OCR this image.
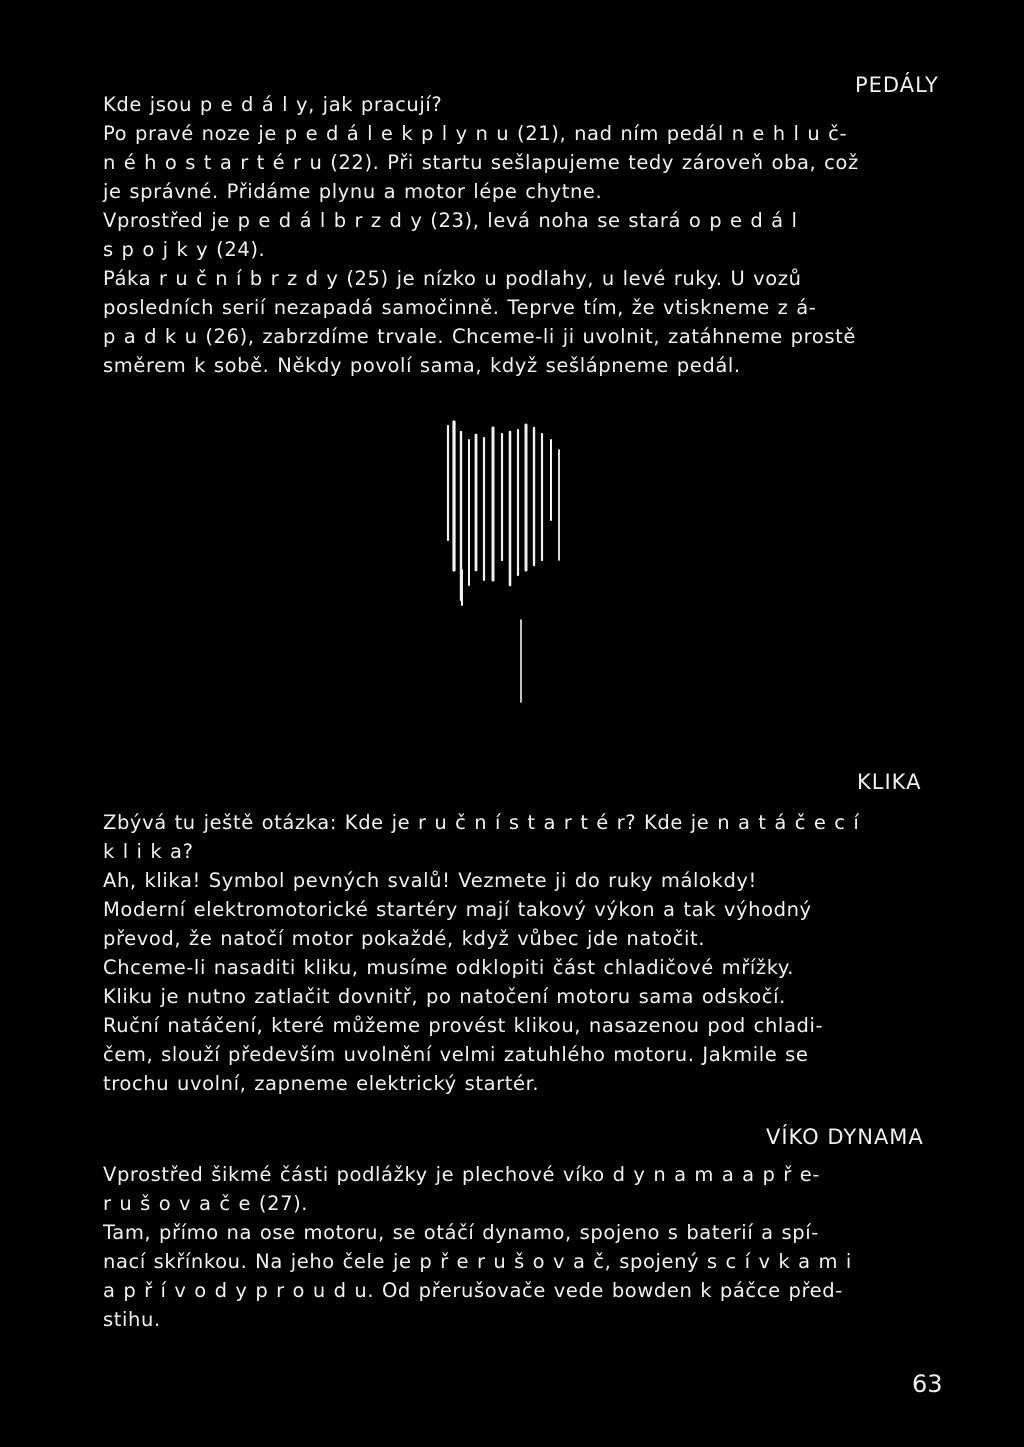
PEDÁLY
Kde jsou p e d á l y, jak pracují?
Po pravé noze je p e d á l e k p l y n u (21), nad ním pedál n e h l u č-
n é h o s t a r t é r u (22). Při startu sešlapujeme tedy zároveň oba, což
je správné. Přidáme plynu a motor lépe chytne.
Vprostřed je p e d á l b r z d y (23), levá noha se stará o p e d á l
s p o j k y (24).
Páka r u č n í b r z d y (25) je nízko u podlahy, u levé ruky. U vozů
posledních serií nezapadá samočinně. Teprve tím, že vtiskneme z á-
p a d k u (26), zabrzdíme trvale. Chceme-li ji uvolnit, zatáhneme prostě
směrem k sobě. Někdy povolí sama, když sešlápneme pedál.
KLIKA
Zbývá tu ještě otázka: Kde je r u č n í s t a r t é r? Kde je n a t á č e c í
k l i k a?
Ah, klika! Symbol pevných svalů! Vezmete ji do ruky málokdy!
Moderní elektromotorické startéry mají takový výkon a tak výhodný
převod, že natočí motor pokaždé, když vůbec jde natočit.
Chceme-li nasaditi kliku, musíme odklopiti část chladičové mřížky.
Kliku je nutno zatlačit dovnitř, po natočení motoru sama odskočí.
Ruční natáčení, které můžeme provést klikou, nasazenou pod chladi-
čem, slouží především uvolnění velmi zatuhlého motoru. Jakmile se
trochu uvolní, zapneme elektrický startér.
VÍKO DYNAMA
Vprostřed šikmé části podlážky je plechové víko d y n a m a a p ř e-
r u š o v a č e (27).
Tam, přímo na ose motoru, se otáčí dynamo, spojeno s baterií a spí-
nací skřínkou. Na jeho čele je p ř e r u š o v a č, spojený s c í v k a m i
a p ř í v o d y p r o u d u. Od přerušovače vede bowden k páčce před-
stihu.
63
